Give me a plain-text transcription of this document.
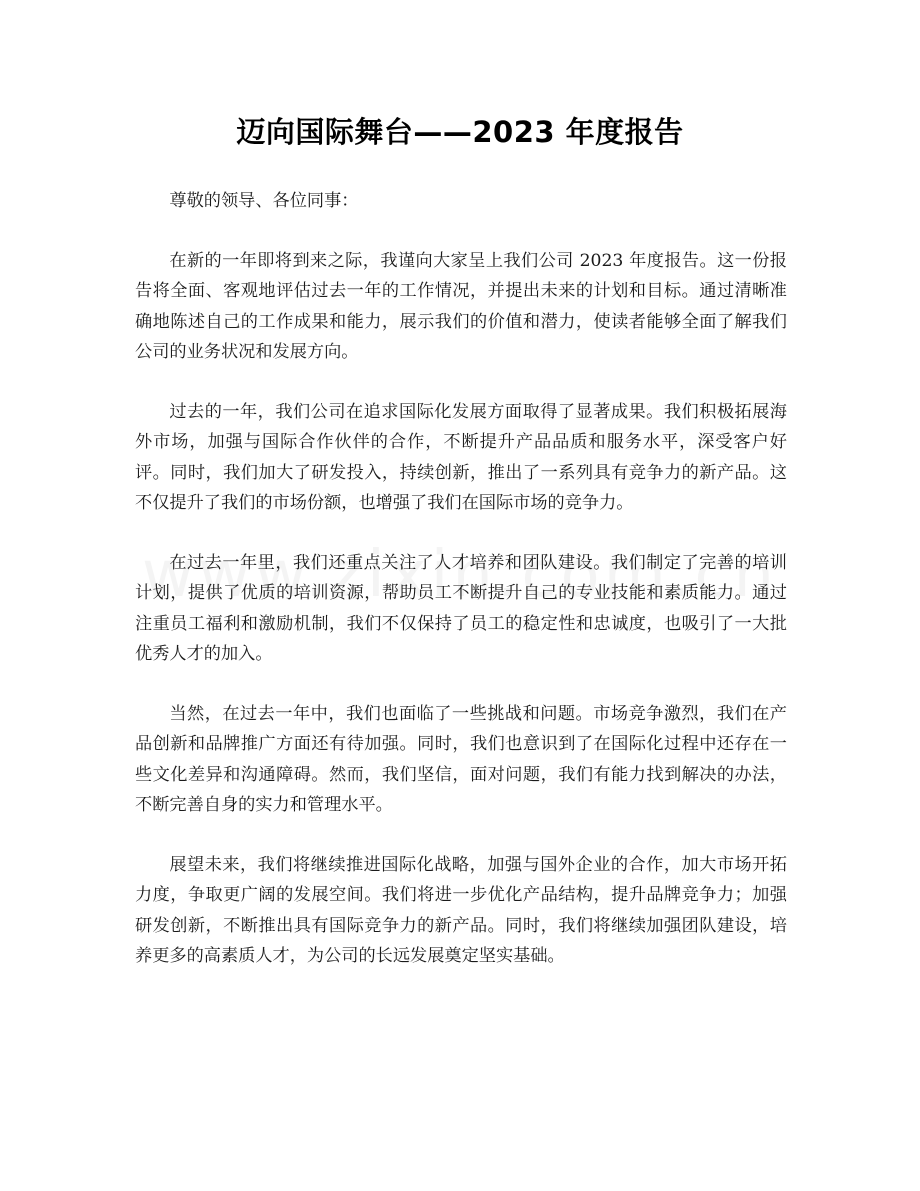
迈向国际舞台——2023 年度报告

尊敬的领导、各位同事：

在新的一年即将到来之际，我谨向大家呈上我们公司 2023 年度报告。这一份报告将全面、客观地评估过去一年的工作情况，并提出未来的计划和目标。通过清晰准确地陈述自己的工作成果和能力，展示我们的价值和潜力，使读者能够全面了解我们公司的业务状况和发展方向。

过去的一年，我们公司在追求国际化发展方面取得了显著成果。我们积极拓展海外市场，加强与国际合作伙伴的合作，不断提升产品品质和服务水平，深受客户好评。同时，我们加大了研发投入，持续创新，推出了一系列具有竞争力的新产品。这不仅提升了我们的市场份额，也增强了我们在国际市场的竞争力。

在过去一年里，我们还重点关注了人才培养和团队建设。我们制定了完善的培训计划，提供了优质的培训资源，帮助员工不断提升自己的专业技能和素质能力。通过注重员工福利和激励机制，我们不仅保持了员工的稳定性和忠诚度，也吸引了一大批优秀人才的加入。

当然，在过去一年中，我们也面临了一些挑战和问题。市场竞争激烈，我们在产品创新和品牌推广方面还有待加强。同时，我们也意识到了在国际化过程中还存在一些文化差异和沟通障碍。然而，我们坚信，面对问题，我们有能力找到解决的办法，不断完善自身的实力和管理水平。

展望未来，我们将继续推进国际化战略，加强与国外企业的合作，加大市场开拓力度，争取更广阔的发展空间。我们将进一步优化产品结构，提升品牌竞争力；加强研发创新，不断推出具有国际竞争力的新产品。同时，我们将继续加强团队建设，培养更多的高素质人才，为公司的长远发展奠定坚实基础。
